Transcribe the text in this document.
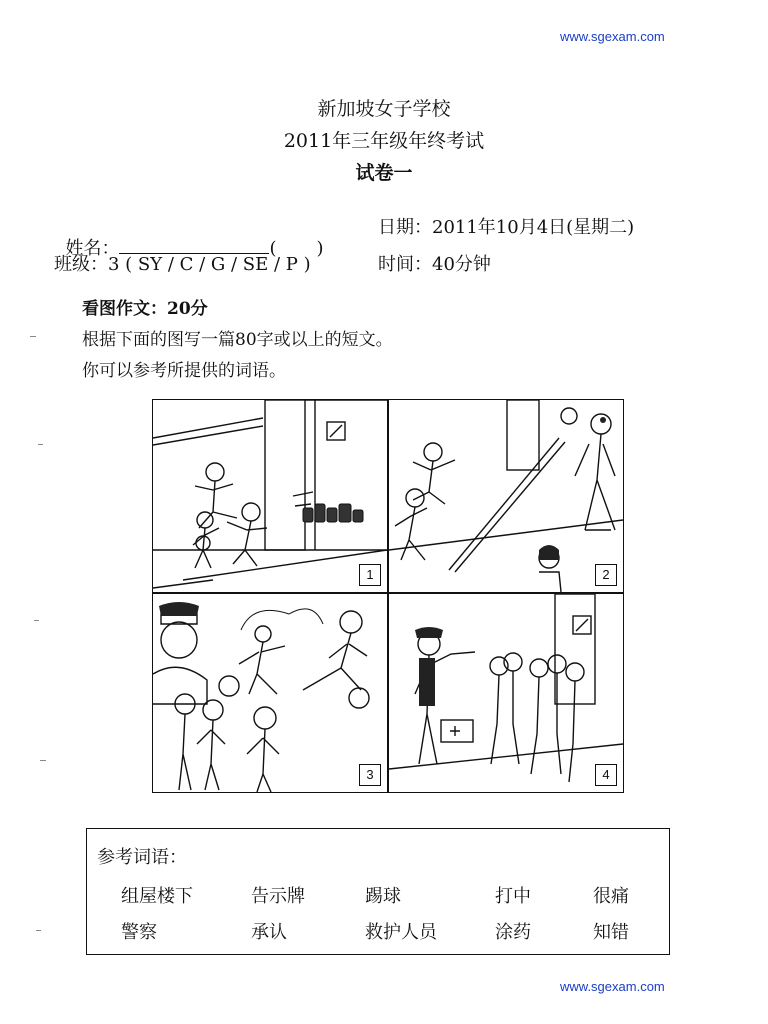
www.sgexam.com
新加坡女子学校
2011年三年级年终考试
试卷一

姓名：	(       )

日期：2011年10月4日(星期二)
班级：3 ( SY / C / G / SE / P )	时间：40分钟
看图作文：20分
根据下面的图写一篇80字或以上的短文。
你可以参考所提供的词语。
1	2
3	4
参考词语：
组屋楼下	告示牌	踢球	打中	很痛
警察	承认	救护人员	涂药	知错
www.sgexam.com
